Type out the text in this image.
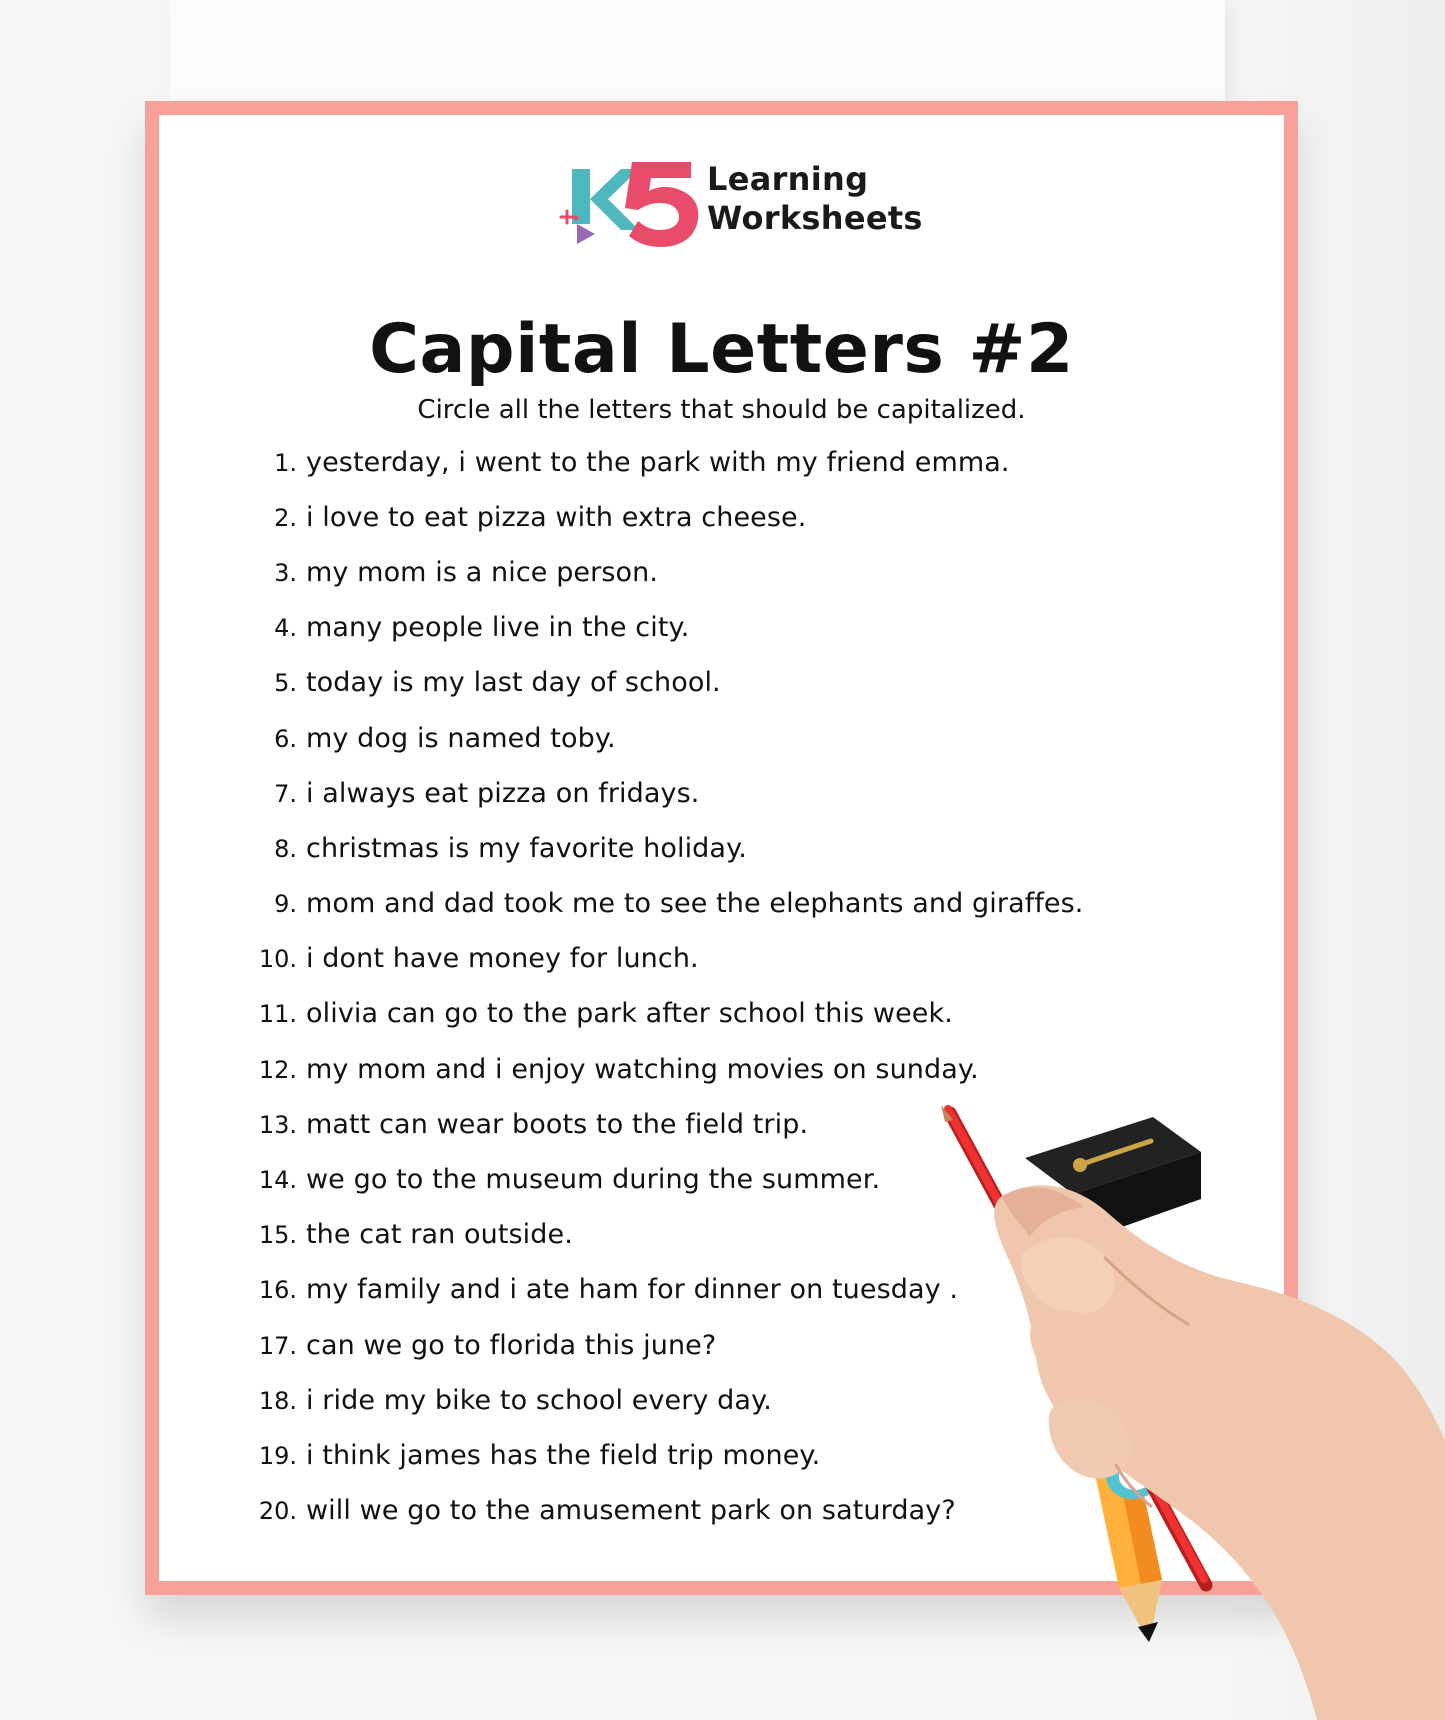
Learning
Worksheets
Capital Letters #2

Circle all the letters that should be capitalized.

1. yesterday, i went to the park with my friend emma.
2. i love to eat pizza with extra cheese.
3. my mom is a nice person.
4. many people live in the city.
5. today is my last day of school.
6. my dog is named toby.
7. i always eat pizza on fridays.
8. christmas is my favorite holiday.
9. mom and dad took me to see the elephants and giraffes.
10. i dont have money for lunch.
11. olivia can go to the park after school this week.
12. my mom and i enjoy watching movies on sunday.
13. matt can wear boots to the field trip.
14. we go to the museum during the summer.
15. the cat ran outside.
16. my family and i ate ham for dinner on tuesday .
17. can we go to florida this june?
18. i ride my bike to school every day.
19. i think james has the field trip money.
20. will we go to the amusement park on saturday?
